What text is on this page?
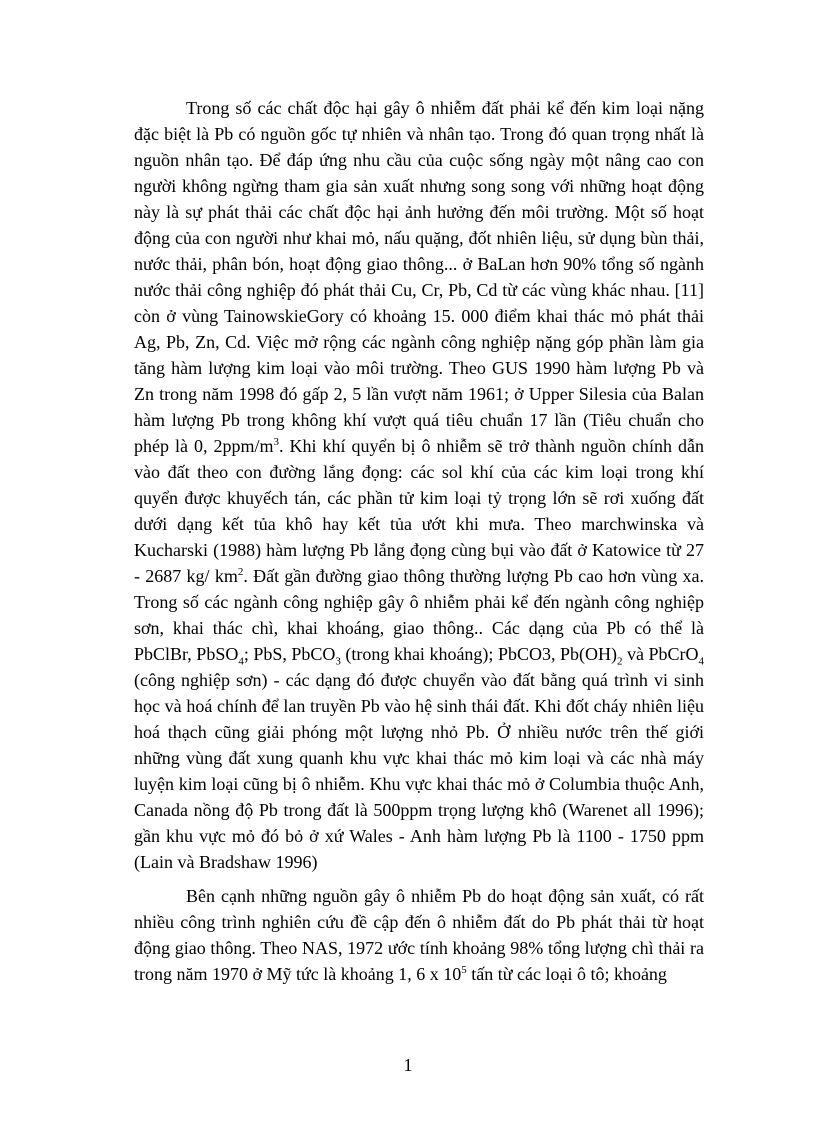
Trong số các chất độc hại gây ô nhiễm đất phải kể đến kim loại nặng đặc biệt là Pb có nguồn gốc tự nhiên và nhân tạo. Trong đó quan trọng nhất là nguồn nhân tạo. Để đáp ứng nhu cầu của cuộc sống ngày một nâng cao con người không ngừng tham gia sản xuất nhưng song song với những hoạt động này là sự phát thải các chất độc hại ảnh hưởng đến môi trường. Một số hoạt động của con người như khai mỏ, nấu quặng, đốt nhiên liệu, sử dụng bùn thải, nước thải, phân bón, hoạt động giao thông... ở BaLan hơn 90% tổng số ngành nước thải công nghiệp đó phát thải Cu, Cr, Pb, Cd từ các vùng khác nhau. [11] còn ở vùng TainowskieGory có khoảng 15. 000 điểm khai thác mỏ phát thải Ag, Pb, Zn, Cd. Việc mở rộng các ngành công nghiệp nặng góp phần làm gia tăng hàm lượng kim loại vào môi trường. Theo GUS 1990 hàm lượng Pb và Zn trong năm 1998 đó gấp 2, 5 lần vượt năm 1961; ở Upper Silesia của Balan hàm lượng Pb trong không khí vượt quá tiêu chuẩn 17 lần (Tiêu chuẩn cho phép là 0, $2ppm/m^3$. Khi khí quyển bị ô nhiễm sẽ trở thành nguồn chính dẫn vào đất theo con đường lắng đọng: các sol khí của các kim loại trong khí quyển được khuyếch tán, các phần tử kim loại tỷ trọng lớn sẽ rơi xuống đất dưới dạng kết tủa khô hay kết tủa ướt khi mưa. Theo marchwinska và Kucharski (1988) hàm lượng Pb lắng đọng cùng bụi vào đất ở Katowice từ 27 - 2687 kg/ $km^2$. Đất gần đường giao thông thường lượng Pb cao hơn vùng xa. Trong số các ngành công nghiệp gây ô nhiễm phải kể đến ngành công nghiệp sơn, khai thác chì, khai khoáng, giao thông.. Các dạng của Pb có thể là PbClBr, PbSO$_4$; PbS, PbCO$_3$ (trong khai khoáng); PbCO3, $Pb(OH)_2$ và PbCrO$_4$ (công nghiệp sơn) - các dạng đó được chuyển vào đất bằng quá trình vi sinh học và hoá chính để lan truyền Pb vào hệ sinh thái đất. Khi đốt cháy nhiên liệu hoá thạch cũng giải phóng một lượng nhỏ Pb. Ở nhiều nước trên thế giới những vùng đất xung quanh khu vực khai thác mỏ kim loại và các nhà máy luyện kim loại cũng bị ô nhiễm. Khu vực khai thác mỏ ở Columbia thuộc Anh, Canada nồng độ Pb trong đất là 500ppm trọng lượng khô (Warenet all 1996); gần khu vực mỏ đó bỏ ở xứ Wales - Anh hàm lượng Pb là 1100 - 1750 ppm (Lain và Bradshaw 1996)

Bên cạnh những nguồn gây ô nhiễm Pb do hoạt động sản xuất, có rất nhiều công trình nghiên cứu đề cập đến ô nhiễm đất do Pb phát thải từ hoạt động giao thông. Theo NAS, 1972 ước tính khoảng 98% tổng lượng chì thải ra trong năm 1970 ở Mỹ tức là khoảng 1, 6 x $10^5$ tấn từ các loại ô tô; khoảng

1
